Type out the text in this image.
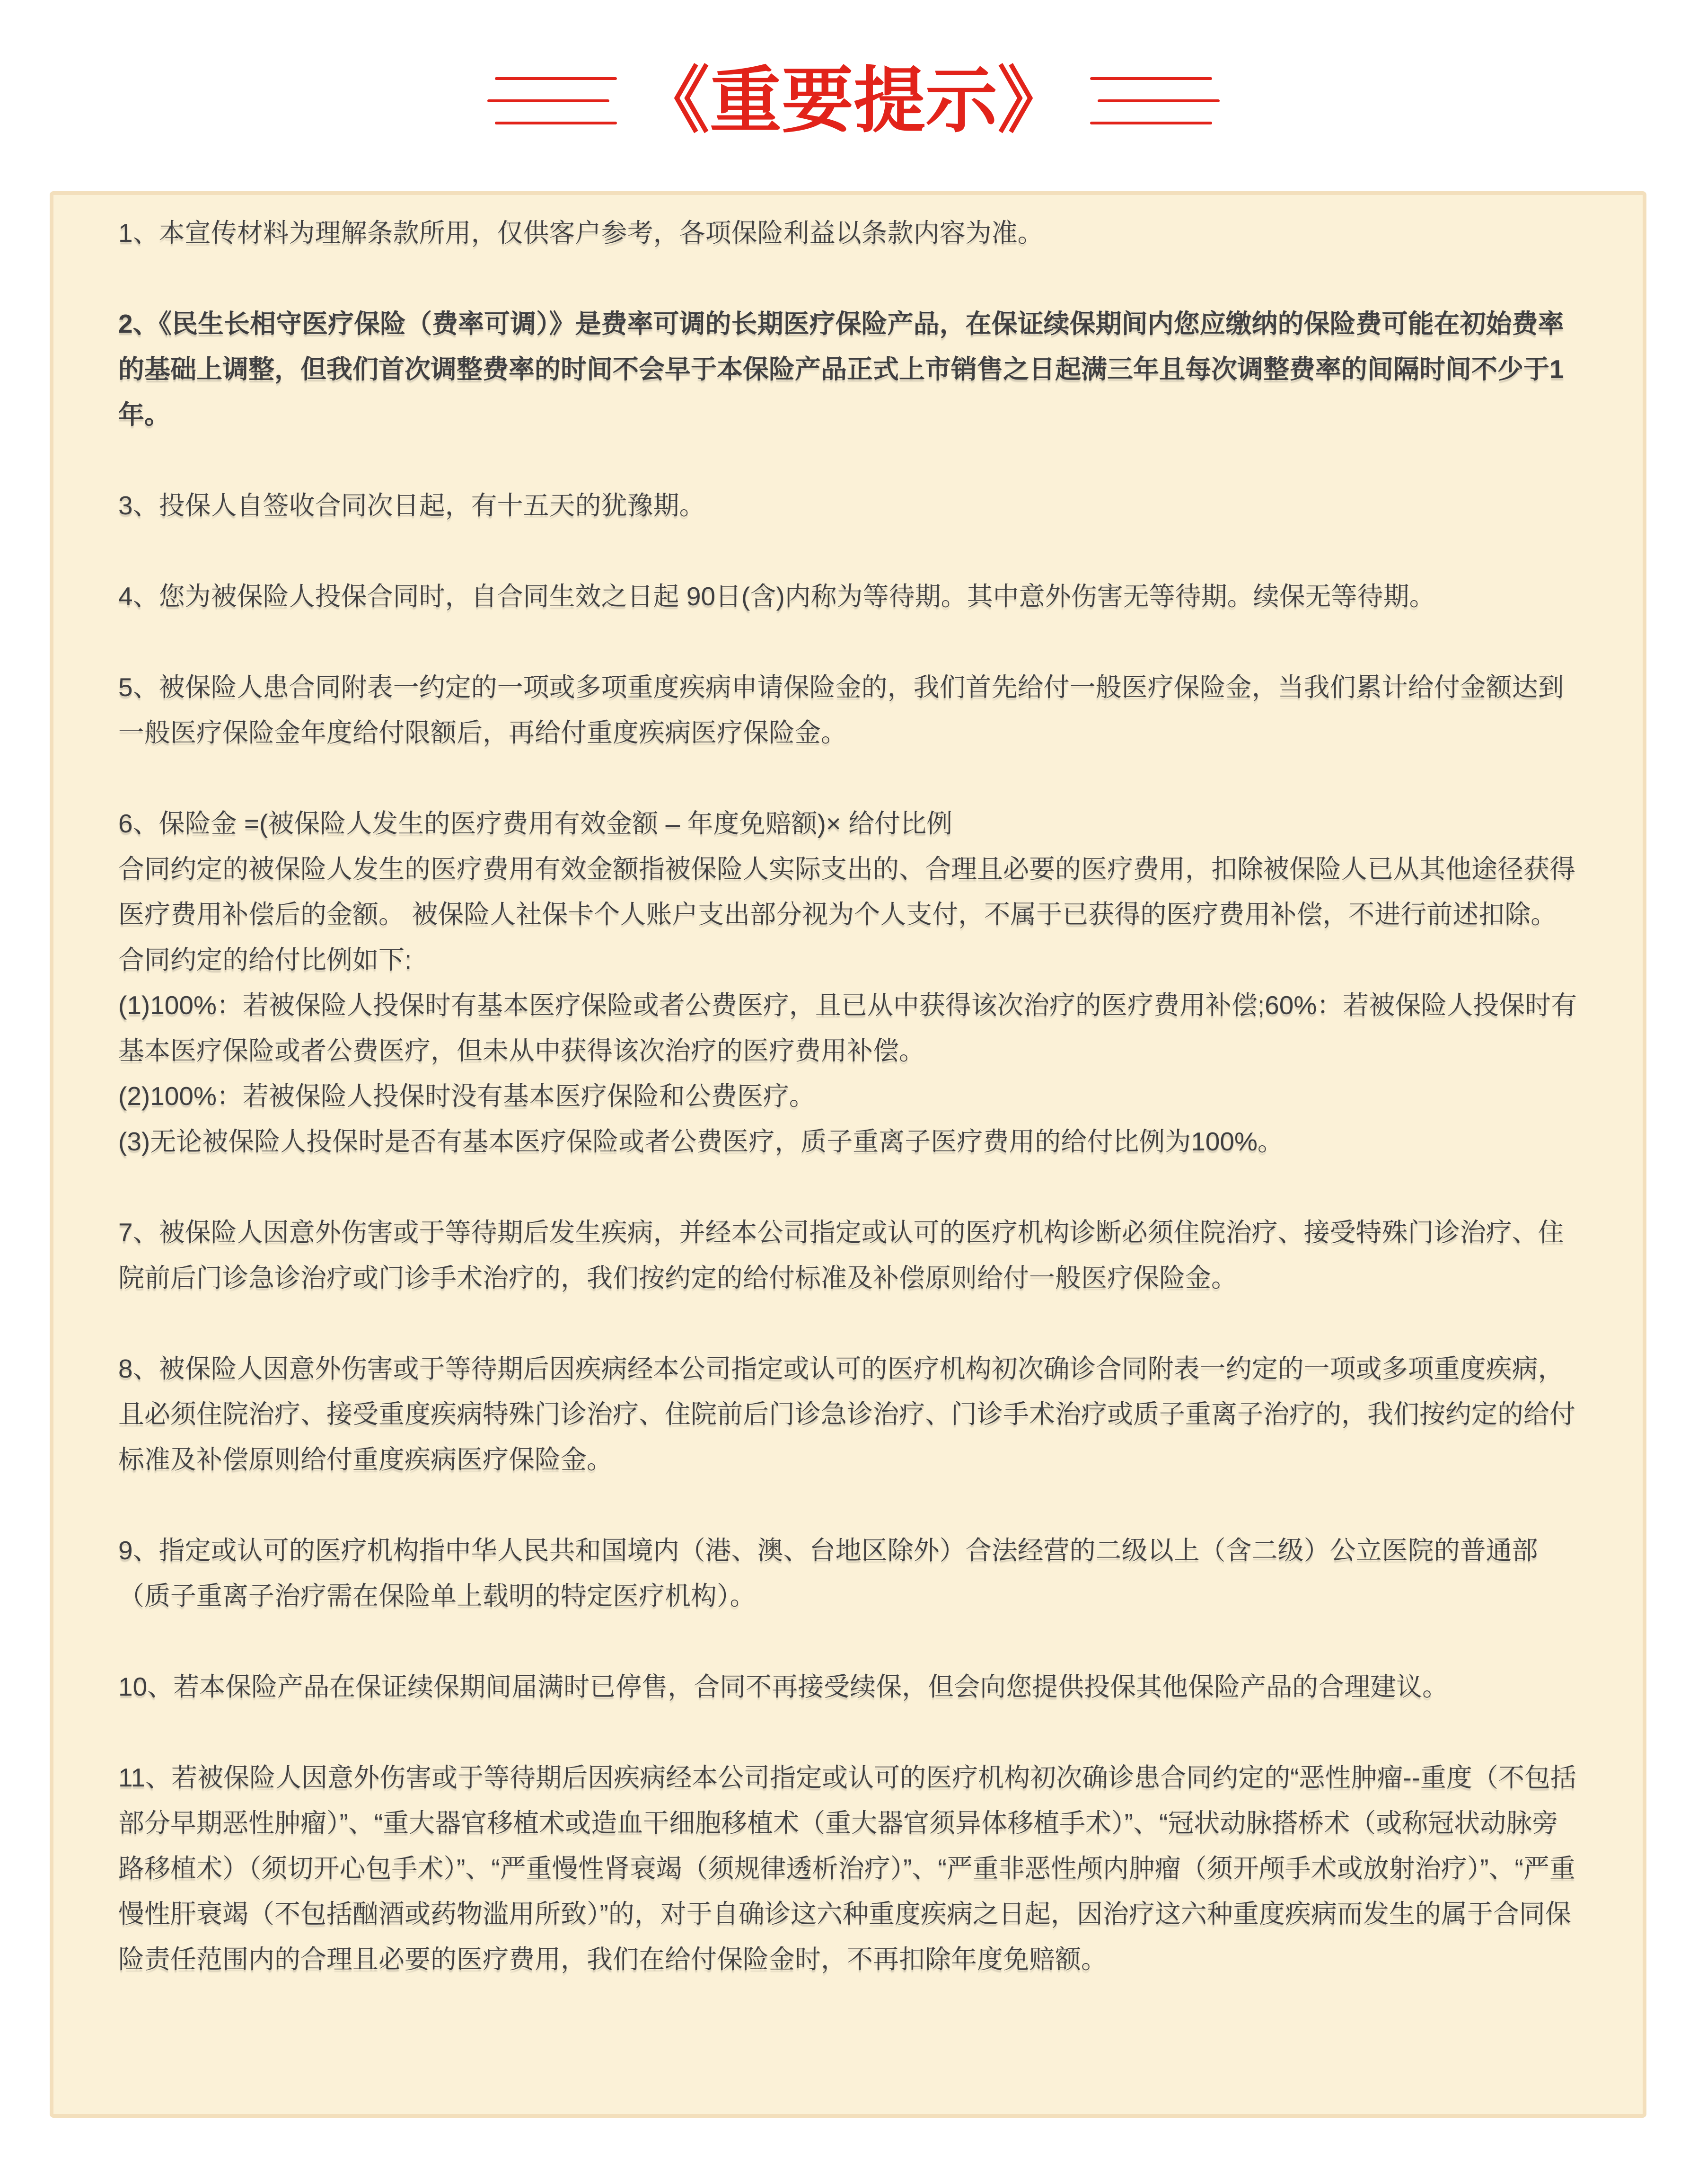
《重要提示》
1、本宣传材料为理解条款所用，仅供客户参考，各项保险利益以条款内容为准。
2、《民生长相守医疗保险（费率可调）》是费率可调的长期医疗保险产品，在保证续保期间内您应缴纳的保险费可能在初始费率的基础上调整，但我们首次调整费率的时间不会早于本保险产品正式上市销售之日起满三年且每次调整费率的间隔时间不少于1年。
3、投保人自签收合同次日起，有十五天的犹豫期。
4、您为被保险人投保合同时，自合同生效之日起 90日(含)内称为等待期。其中意外伤害无等待期。续保无等待期。
5、被保险人患合同附表一约定的一项或多项重度疾病申请保险金的，我们首先给付一般医疗保险金，当我们累计给付金额达到一般医疗保险金年度给付限额后，再给付重度疾病医疗保险金。
6、保险金 =(被保险人发生的医疗费用有效金额 – 年度免赔额)× 给付比例
合同约定的被保险人发生的医疗费用有效金额指被保险人实际支出的、合理且必要的医疗费用，扣除被保险人已从其他途径获得医疗费用补偿后的金额。 被保险人社保卡个人账户支出部分视为个人支付，不属于已获得的医疗费用补偿，不进行前述扣除。
合同约定的给付比例如下:
(1)100%：若被保险人投保时有基本医疗保险或者公费医疗，且已从中获得该次治疗的医疗费用补偿;60%：若被保险人投保时有基本医疗保险或者公费医疗，但未从中获得该次治疗的医疗费用补偿。
(2)100%：若被保险人投保时没有基本医疗保险和公费医疗。
(3)无论被保险人投保时是否有基本医疗保险或者公费医疗，质子重离子医疗费用的给付比例为100%。
7、被保险人因意外伤害或于等待期后发生疾病，并经本公司指定或认可的医疗机构诊断必须住院治疗、接受特殊门诊治疗、住院前后门诊急诊治疗或门诊手术治疗的，我们按约定的给付标准及补偿原则给付一般医疗保险金。
8、被保险人因意外伤害或于等待期后因疾病经本公司指定或认可的医疗机构初次确诊合同附表一约定的一项或多项重度疾病，且必须住院治疗、接受重度疾病特殊门诊治疗、住院前后门诊急诊治疗、门诊手术治疗或质子重离子治疗的，我们按约定的给付标准及补偿原则给付重度疾病医疗保险金。
9、指定或认可的医疗机构指中华人民共和国境内（港、澳、台地区除外）合法经营的二级以上（含二级）公立医院的普通部（质子重离子治疗需在保险单上载明的特定医疗机构）。
10、若本保险产品在保证续保期间届满时已停售，合同不再接受续保，但会向您提供投保其他保险产品的合理建议。
11、若被保险人因意外伤害或于等待期后因疾病经本公司指定或认可的医疗机构初次确诊患合同约定的“恶性肿瘤--重度（不包括部分早期恶性肿瘤）”、“重大器官移植术或造血干细胞移植术（重大器官须异体移植手术）”、“冠状动脉搭桥术（或称冠状动脉旁路移植术）（须切开心包手术）”、“严重慢性肾衰竭（须规律透析治疗）”、“严重非恶性颅内肿瘤（须开颅手术或放射治疗）”、“严重慢性肝衰竭（不包括酗酒或药物滥用所致）”的，对于自确诊这六种重度疾病之日起，因治疗这六种重度疾病而发生的属于合同保险责任范围内的合理且必要的医疗费用，我们在给付保险金时，不再扣除年度免赔额。
